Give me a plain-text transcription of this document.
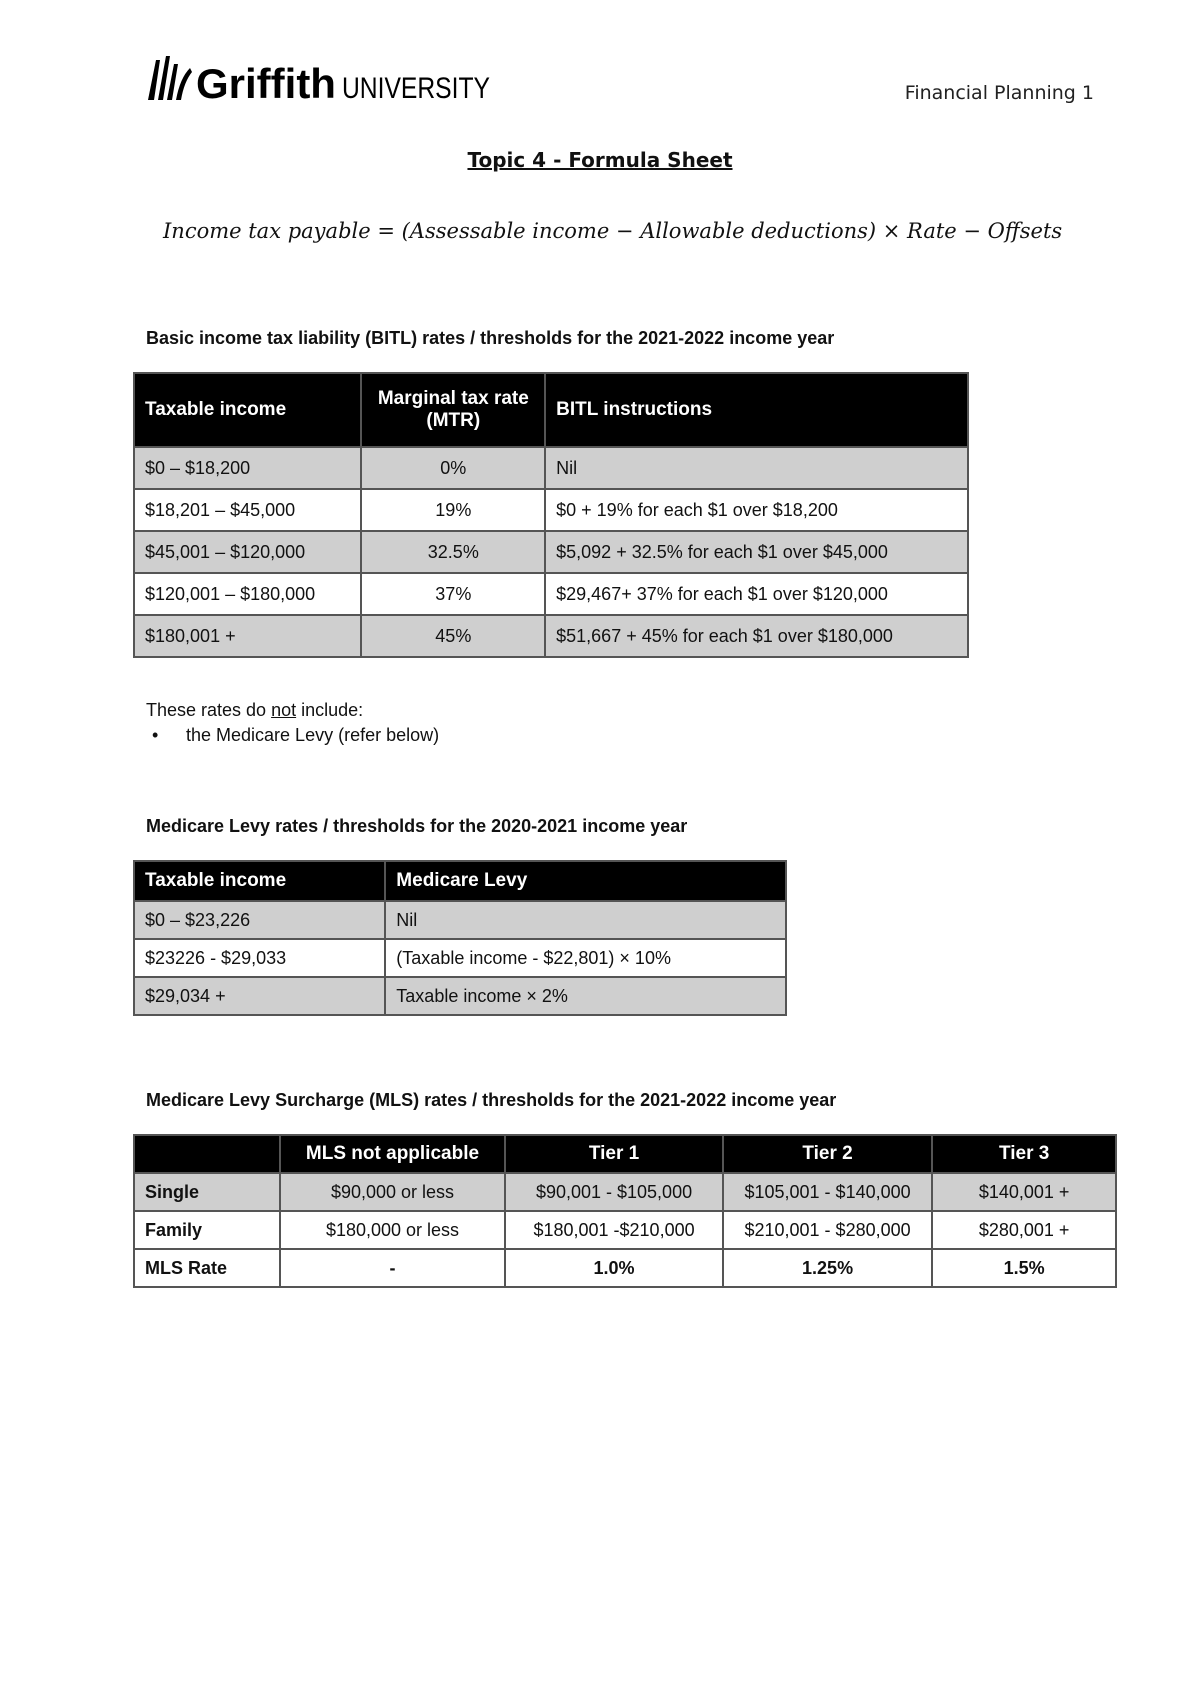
Griffith UNIVERSITY	Financial Planning 1
Topic 4 - Formula Sheet
Income tax payable = (Assessable income − Allowable deductions) × Rate − Offsets
Basic income tax liability (BITL) rates / thresholds for the 2021-2022 income year
Taxable income	Marginal tax rate (MTR)	BITL instructions
$0 – $18,200	0%	Nil
$18,201 – $45,000	19%	$0 + 19% for each $1 over $18,200
$45,001 – $120,000	32.5%	$5,092 + 32.5% for each $1 over $45,000
$120,001 – $180,000	37%	$29,467+ 37% for each $1 over $120,000
$180,001 +	45%	$51,667 + 45% for each $1 over $180,000
These rates do not include:
• the Medicare Levy (refer below)
Medicare Levy rates / thresholds for the 2020-2021 income year
Taxable income	Medicare Levy
$0 – $23,226	Nil
$23226 - $29,033	(Taxable income - $22,801) × 10%
$29,034 +	Taxable income × 2%
Medicare Levy Surcharge (MLS) rates / thresholds for the 2021-2022 income year
	MLS not applicable	Tier 1	Tier 2	Tier 3
Single	$90,000 or less	$90,001 - $105,000	$105,001 - $140,000	$140,001 +
Family	$180,000 or less	$180,001 -$210,000	$210,001 - $280,000	$280,001 +
MLS Rate	-	1.0%	1.25%	1.5%
